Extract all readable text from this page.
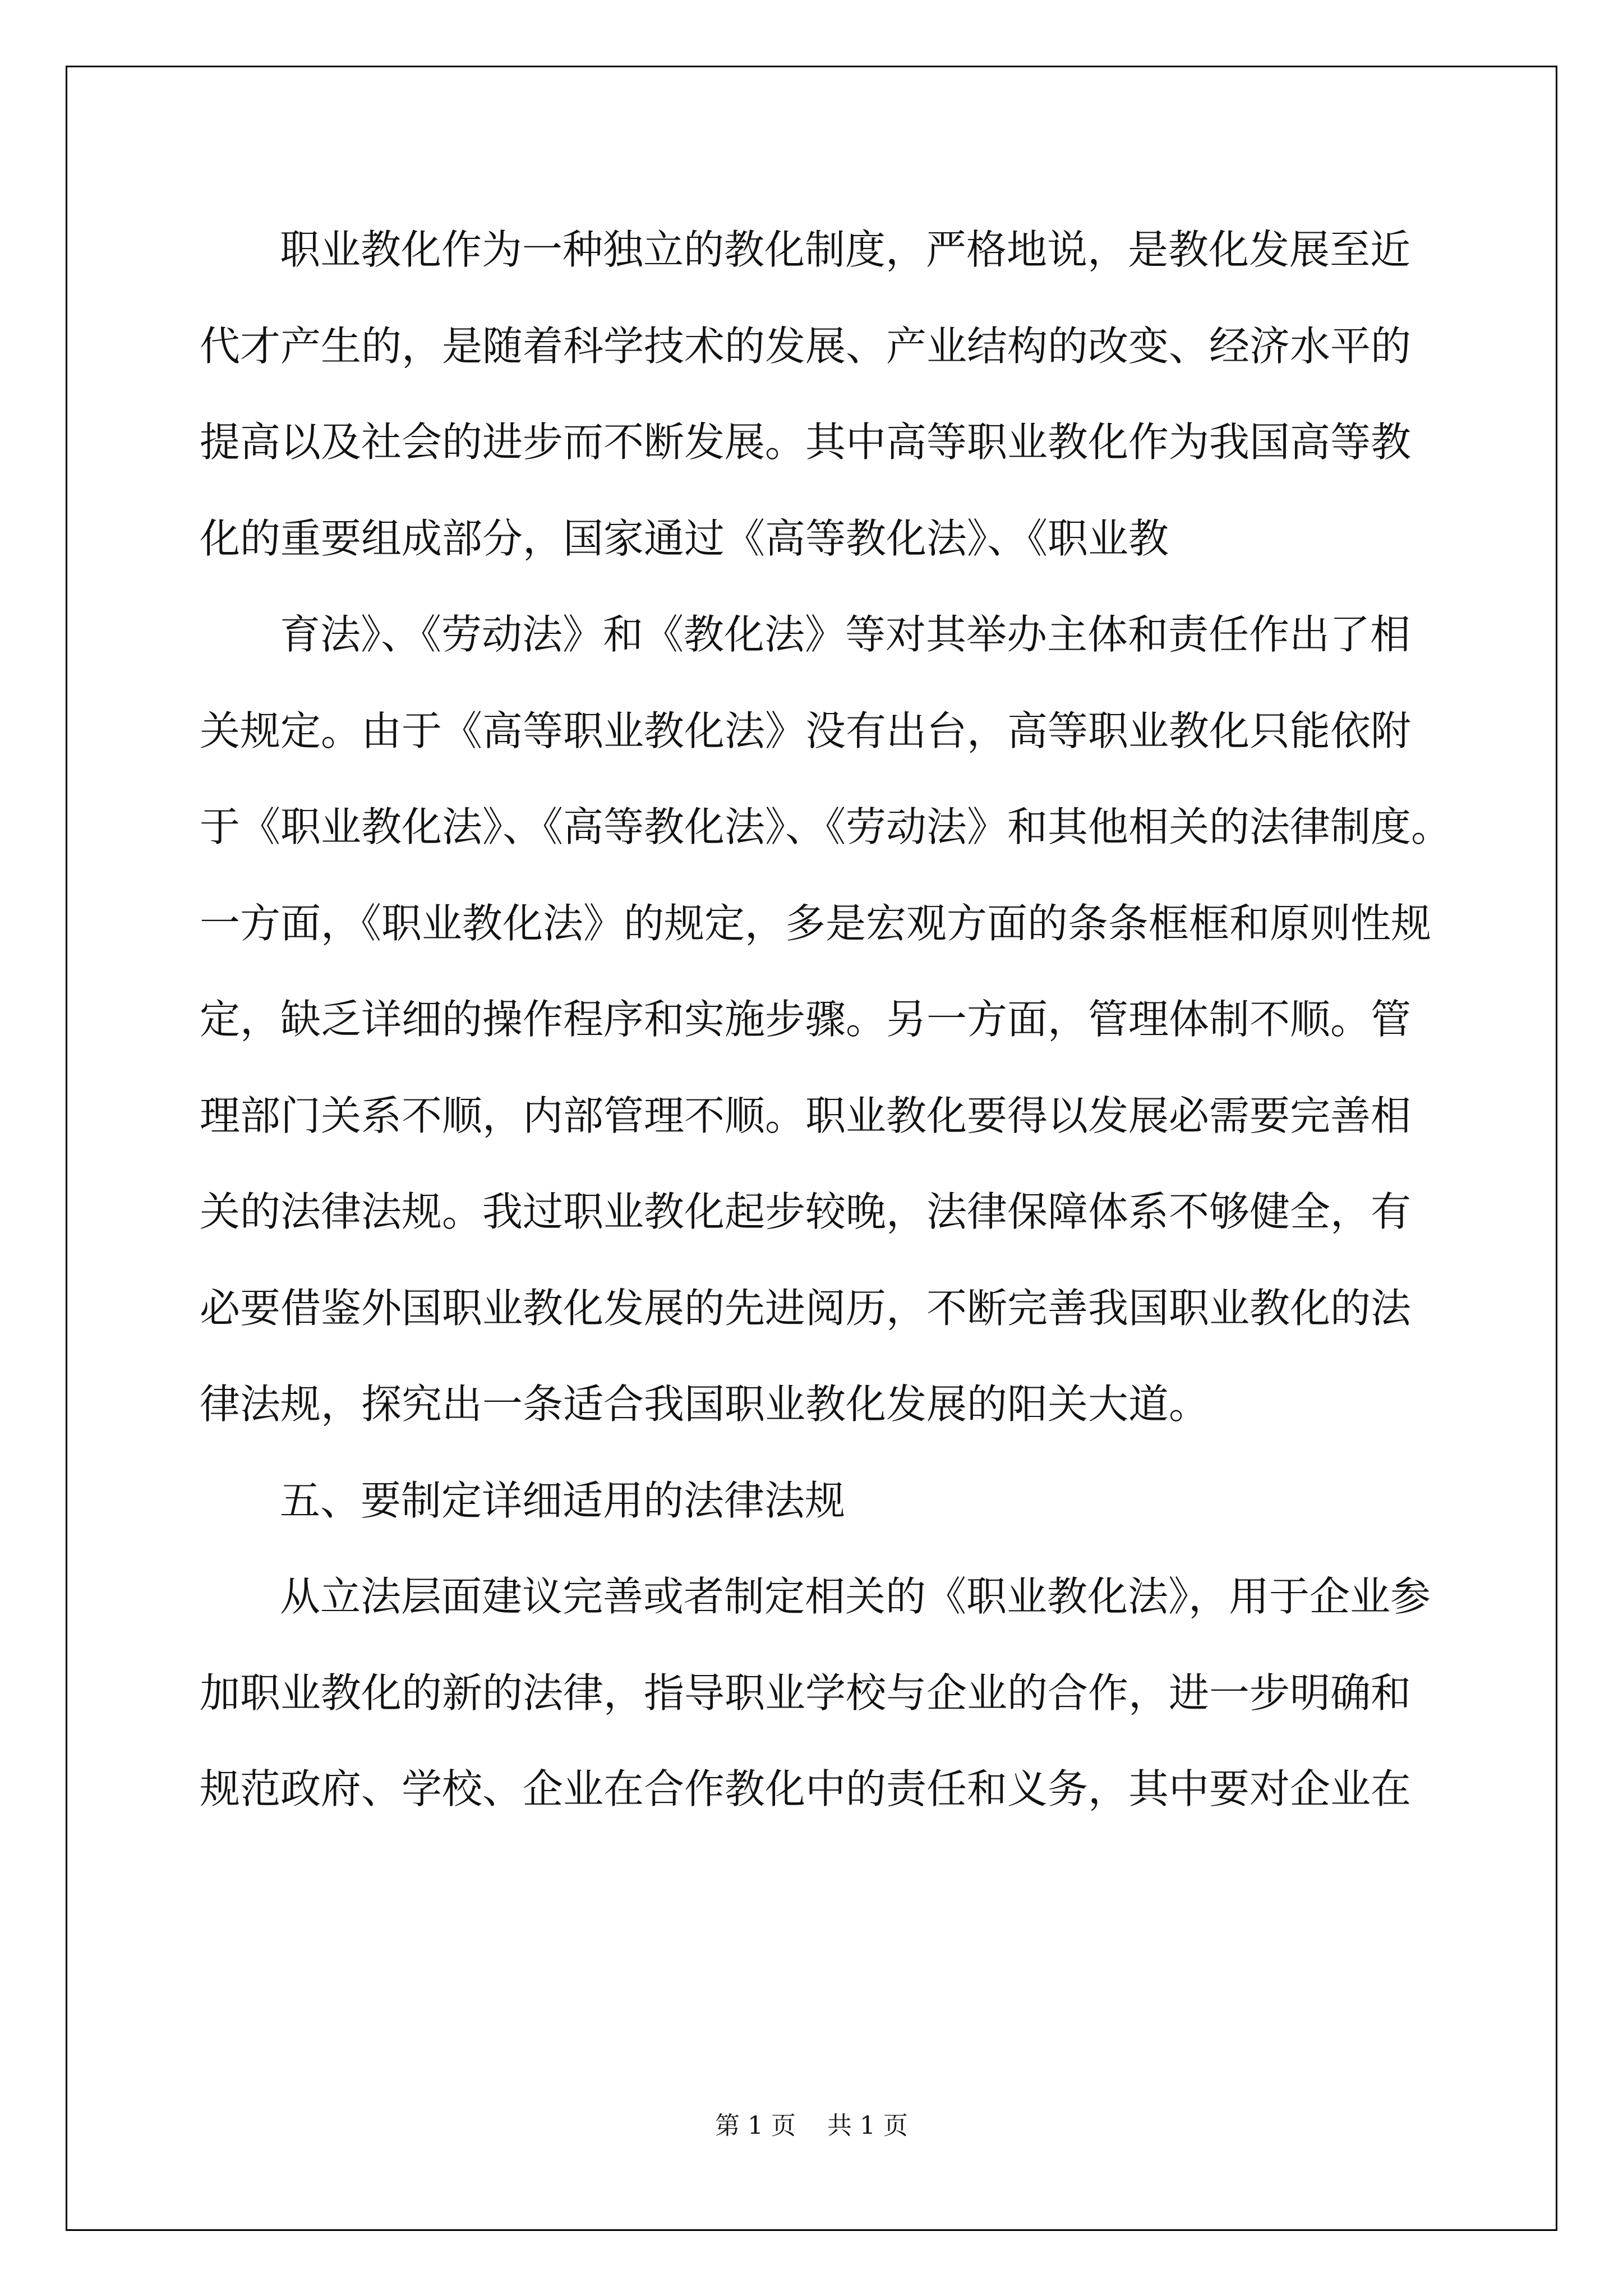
职业教化作为一种独立的教化制度，严格地说，是教化发展至近

代才产生的，是随着科学技术的发展、产业结构的改变、经济水平的

提高以及社会的进步而不断发展。其中高等职业教化作为我国高等教

化的重要组成部分，国家通过《高等教化法》、《职业教

育法》、《劳动法》和《教化法》等对其举办主体和责任作出了相

关规定。由于《高等职业教化法》没有出台，高等职业教化只能依附

于《职业教化法》、《高等教化法》、《劳动法》和其他相关的法律制度。

一方面，《职业教化法》的规定，多是宏观方面的条条框框和原则性规

定，缺乏详细的操作程序和实施步骤。另一方面，管理体制不顺。管

理部门关系不顺，内部管理不顺。职业教化要得以发展必需要完善相

关的法律法规。我过职业教化起步较晚，法律保障体系不够健全，有

必要借鉴外国职业教化发展的先进阅历，不断完善我国职业教化的法

律法规，探究出一条适合我国职业教化发展的阳关大道。

五、要制定详细适用的法律法规

从立法层面建议完善或者制定相关的《职业教化法》，用于企业参

加职业教化的新的法律，指导职业学校与企业的合作，进一步明确和

规范政府、学校、企业在合作教化中的责任和义务，其中要对企业在

第 1 页    共 1 页
